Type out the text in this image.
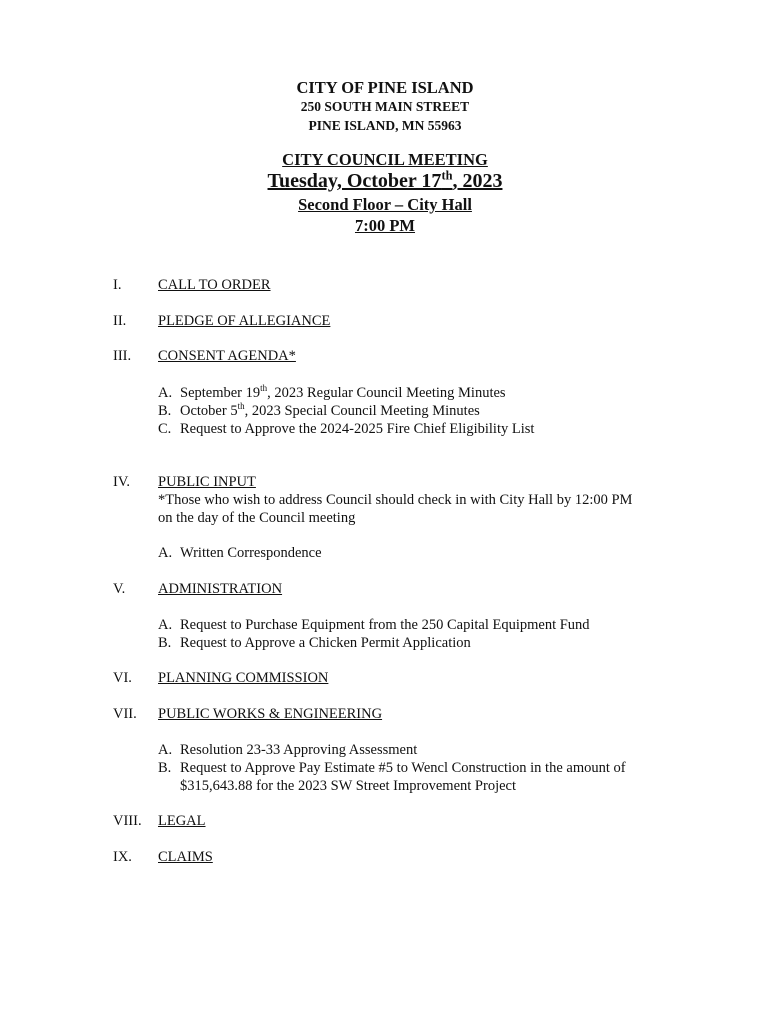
CITY OF PINE ISLAND
250 SOUTH MAIN STREET
PINE ISLAND, MN 55963
CITY COUNCIL MEETING
Tuesday, October 17th, 2023
Second Floor – City Hall
7:00 PM
I.	CALL TO ORDER
II. PLEDGE OF ALLEGIANCE
III. CONSENT AGENDA*
A. September 19th, 2023 Regular Council Meeting Minutes
B. October 5th, 2023 Special Council Meeting Minutes
C. Request to Approve the 2024-2025 Fire Chief Eligibility List
IV. PUBLIC INPUT
*Those who wish to address Council should check in with City Hall by 12:00 PM
on the day of the Council meeting
A. Written Correspondence
V. ADMINISTRATION
A. Request to Purchase Equipment from the 250 Capital Equipment Fund
B. Request to Approve a Chicken Permit Application
VI. PLANNING COMMISSION
VII. PUBLIC WORKS & ENGINEERING
A. Resolution 23-33 Approving Assessment
B. Request to Approve Pay Estimate #5 to Wencl Construction in the amount of
$315,643.88 for the 2023 SW Street Improvement Project
VIII. LEGAL
IX. CLAIMS
